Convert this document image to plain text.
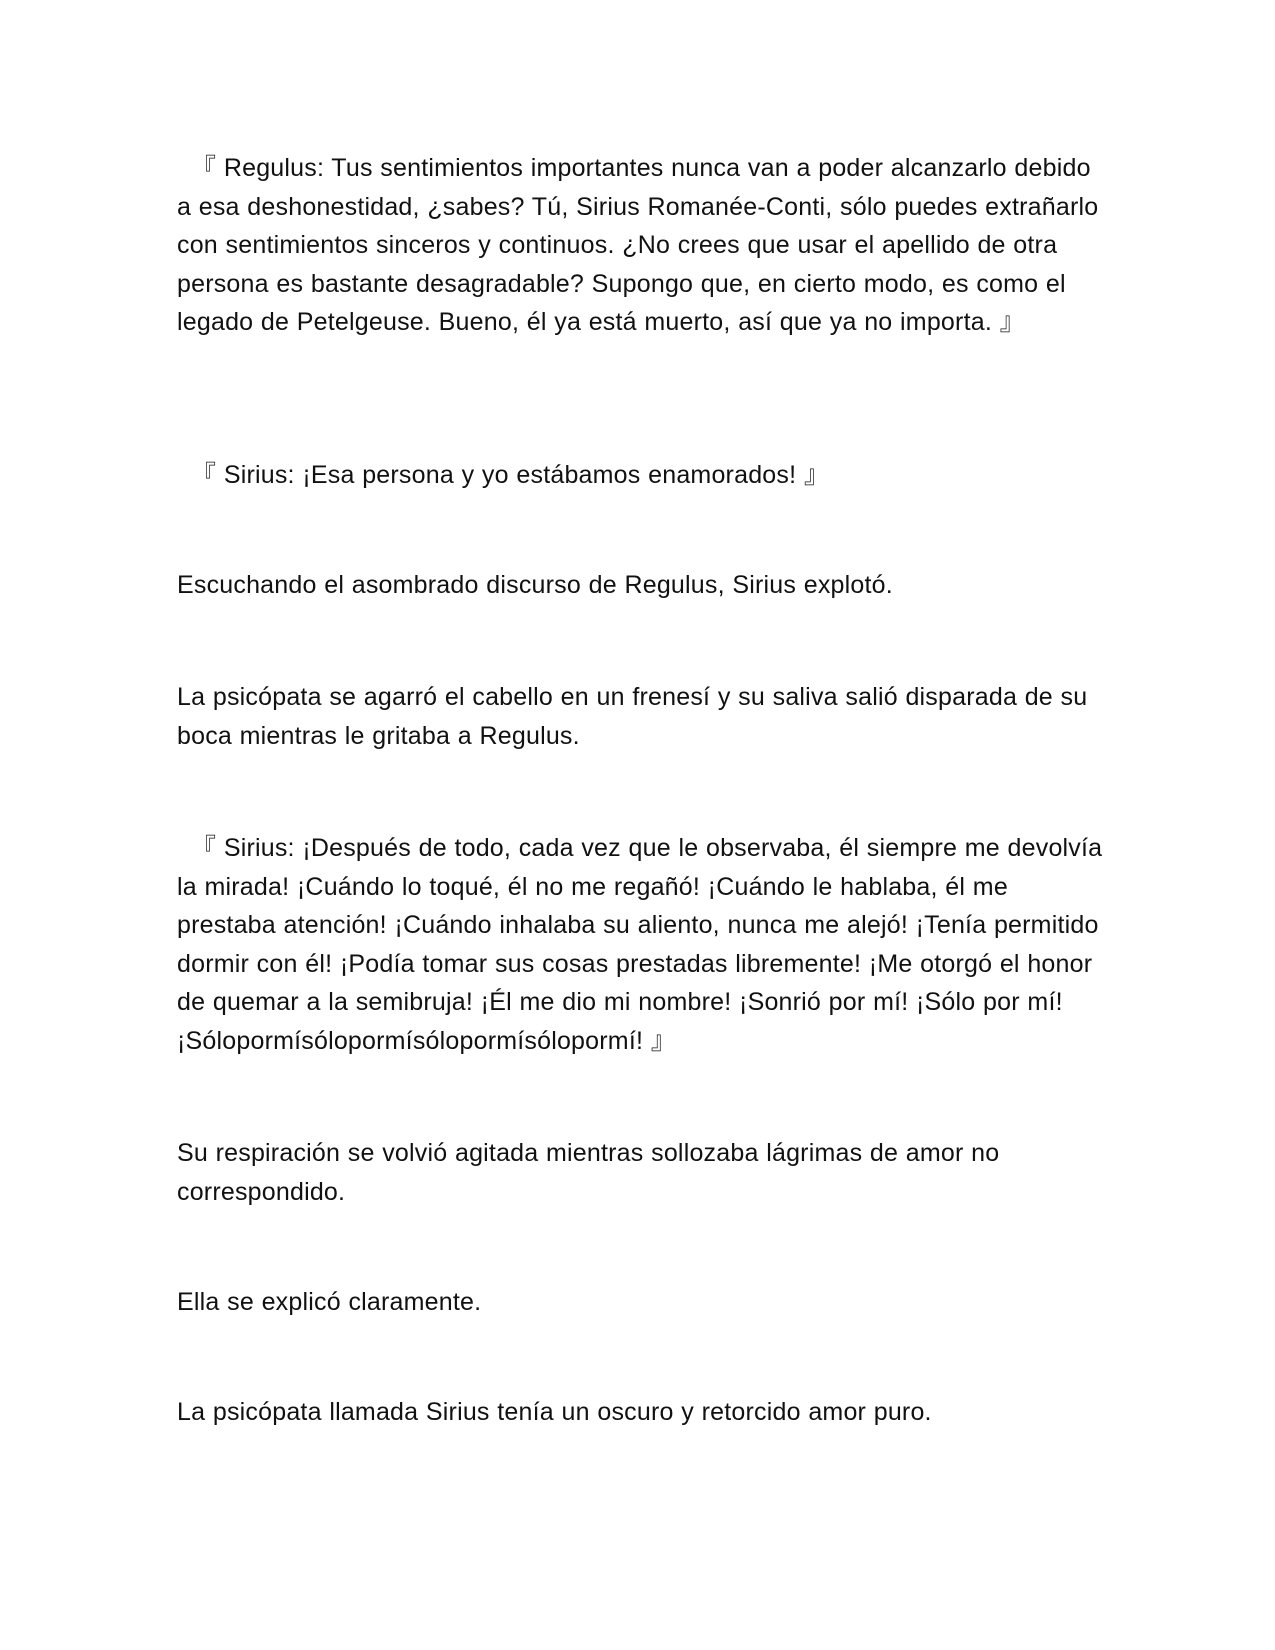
『 Regulus: Tus sentimientos importantes nunca van a poder alcanzarlo debido a esa deshonestidad, ¿sabes? Tú, Sirius Romanée-Conti, sólo puedes extrañarlo con sentimientos sinceros y continuos. ¿No crees que usar el apellido de otra persona es bastante desagradable? Supongo que, en cierto modo, es como el legado de Petelgeuse. Bueno, él ya está muerto, así que ya no importa. 』

『 Sirius: ¡Esa persona y yo estábamos enamorados! 』

Escuchando el asombrado discurso de Regulus, Sirius explotó.

La psicópata se agarró el cabello en un frenesí y su saliva salió disparada de su boca mientras le gritaba a Regulus.

『 Sirius: ¡Después de todo, cada vez que le observaba, él siempre me devolvía la mirada! ¡Cuándo lo toqué, él no me regañó! ¡Cuándo le hablaba, él me prestaba atención! ¡Cuándo inhalaba su aliento, nunca me alejó! ¡Tenía permitido dormir con él! ¡Podía tomar sus cosas prestadas libremente! ¡Me otorgó el honor de quemar a la semibruja! ¡Él me dio mi nombre! ¡Sonrió por mí! ¡Sólo por mí! ¡Sólopormísólopormísólopormísólopormí! 』

Su respiración se volvió agitada mientras sollozaba lágrimas de amor no correspondido.

Ella se explicó claramente.

La psicópata llamada Sirius tenía un oscuro y retorcido amor puro.
